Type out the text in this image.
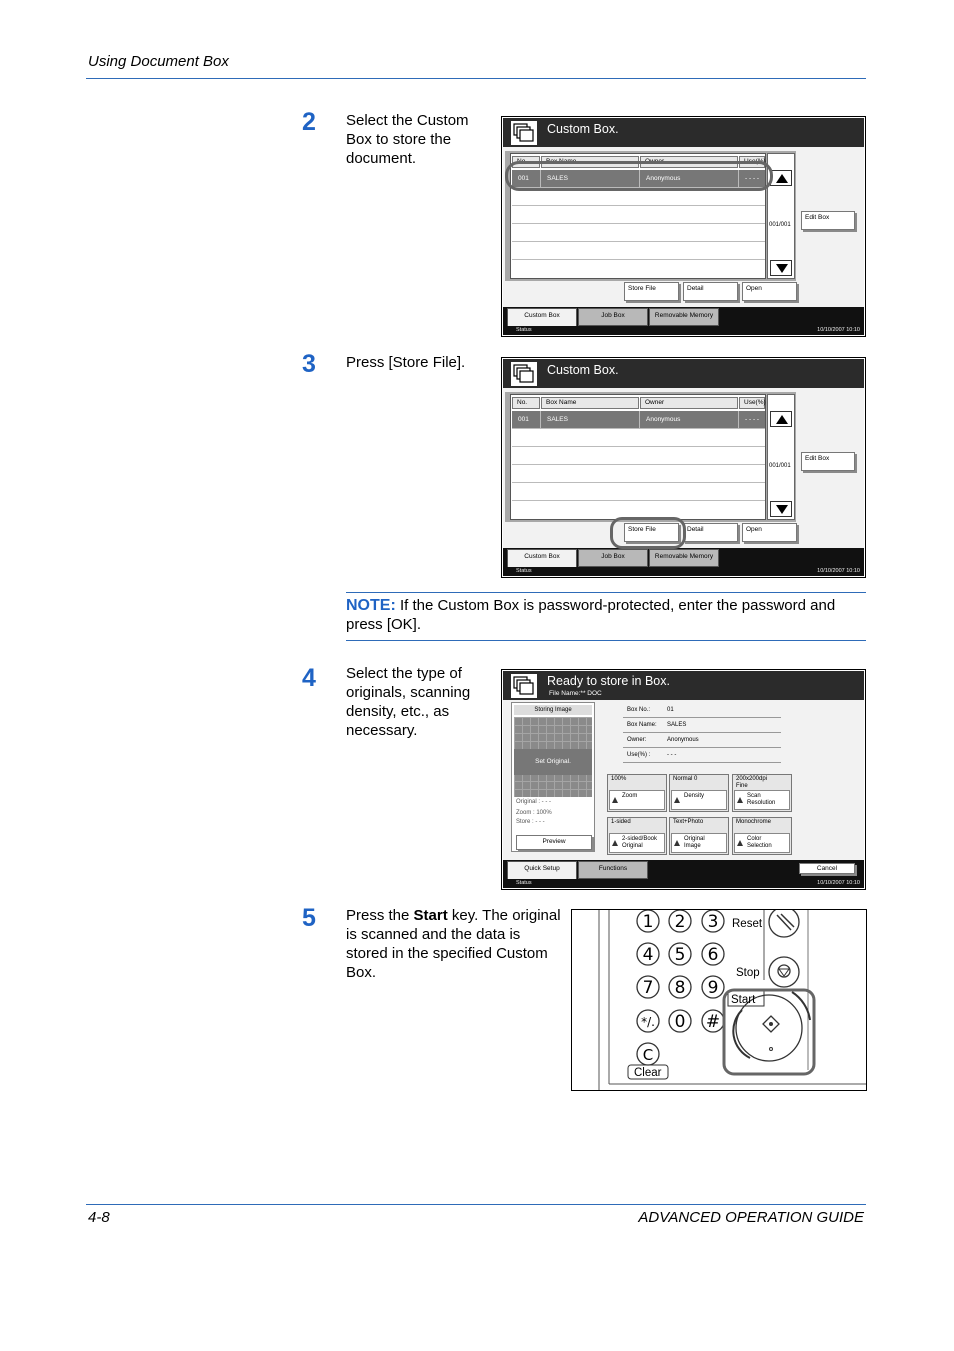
Using Document Box
2 Select the Custom Box to store the document.
Custom Box.
No.	Box Name	Owner	Use(%)
001	SALES	Anonymous	- - - -
001/001
Edit Box
Store File	Detail	Open
Custom Box	Job Box	Removable Memory
Status	10/10/2007 10:10
3 Press [Store File].	Custom Box.
No.	Box Name	Owner	Use(%)
001	SALES	Anonymous	- - - -
001/001
Edit Box
Store File	Detail	Open
Custom Box	Job Box	Removable Memory
Status	10/10/2007 10:10
NOTE: If the Custom Box is password-protected, enter the password and press [OK].
4 Select the type of originals, scanning density, etc., as necessary.
Ready to store in Box.
File Name:** DOC
Storing Image
Set Original.
Original : - - -
Zoom : 100%
Store : - - -
Preview
Box No.:	01
Box Name: SALES
Owner:	Anonymous
Use(%) :	- - -
100%
Zoom
Normal 0
Density
200x200dpi
Fine
Scan
Resolution
1-sided
2-sided/Book
Original
Text+Photo
Original
Image
Monochrome
Color
Selection
Quick Setup	Functions	Cancel
Status	10/10/2007 10:10
5 Press the Start key. The original is scanned and the data is stored in the specified Custom Box.
1 2 3
4 5 6
7 8 9
*/. 0 #
C
Reset
Stop
Start
Clear
4-8	ADVANCED OPERATION GUIDE
